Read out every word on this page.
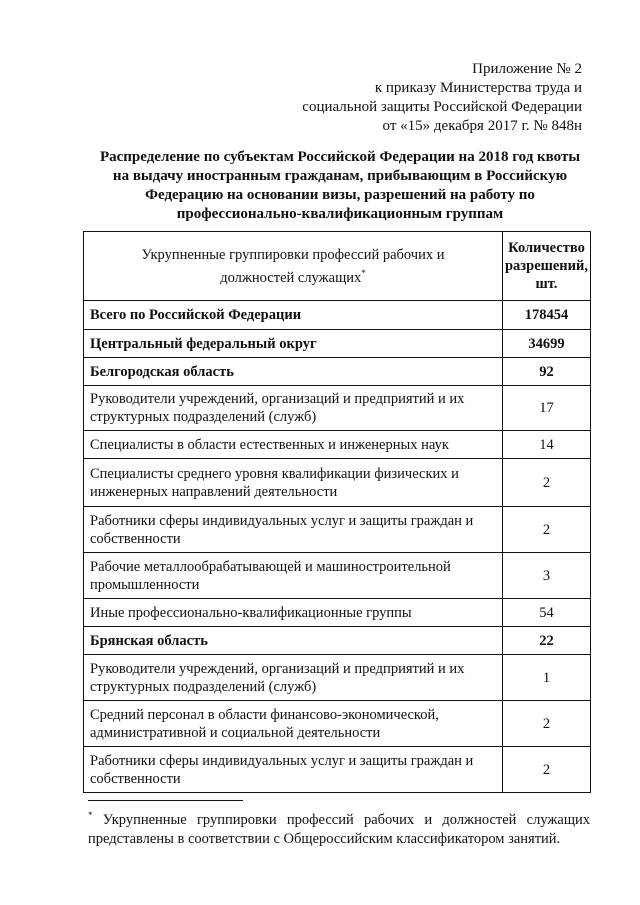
Приложение № 2
к приказу Министерства труда и
социальной защиты Российской Федерации
от «15» декабря 2017 г. № 848н
Распределение по субъектам Российской Федерации на 2018 год квоты
на выдачу иностранным гражданам, прибывающим в Российскую
Федерацию на основании визы, разрешений на работу по
профессионально-квалификационным группам
Укрупненные группировки профессий рабочих и
должностей служащих*	Количество
разрешений,
шт.
Всего по Российской Федерации	178454
Центральный федеральный округ	34699
Белгородская область	92
Руководители учреждений, организаций и предприятий и их структурных подразделений (служб)	17
Специалисты в области естественных и инженерных наук	14
Специалисты среднего уровня квалификации физических и инженерных направлений деятельности	2
Работники сферы индивидуальных услуг и защиты граждан и собственности	2
Рабочие металлообрабатывающей и машиностроительной промышленности	3
Иные профессионально-квалификационные группы	54
Брянская область	22
Руководители учреждений, организаций и предприятий и их структурных подразделений (служб)	1
Средний персонал в области финансово-экономической, административной и социальной деятельности	2
Работники сферы индивидуальных услуг и защиты граждан и собственности	2
* Укрупненные группировки профессий рабочих и должностей служащих представлены в соответствии с Общероссийским классификатором занятий.
